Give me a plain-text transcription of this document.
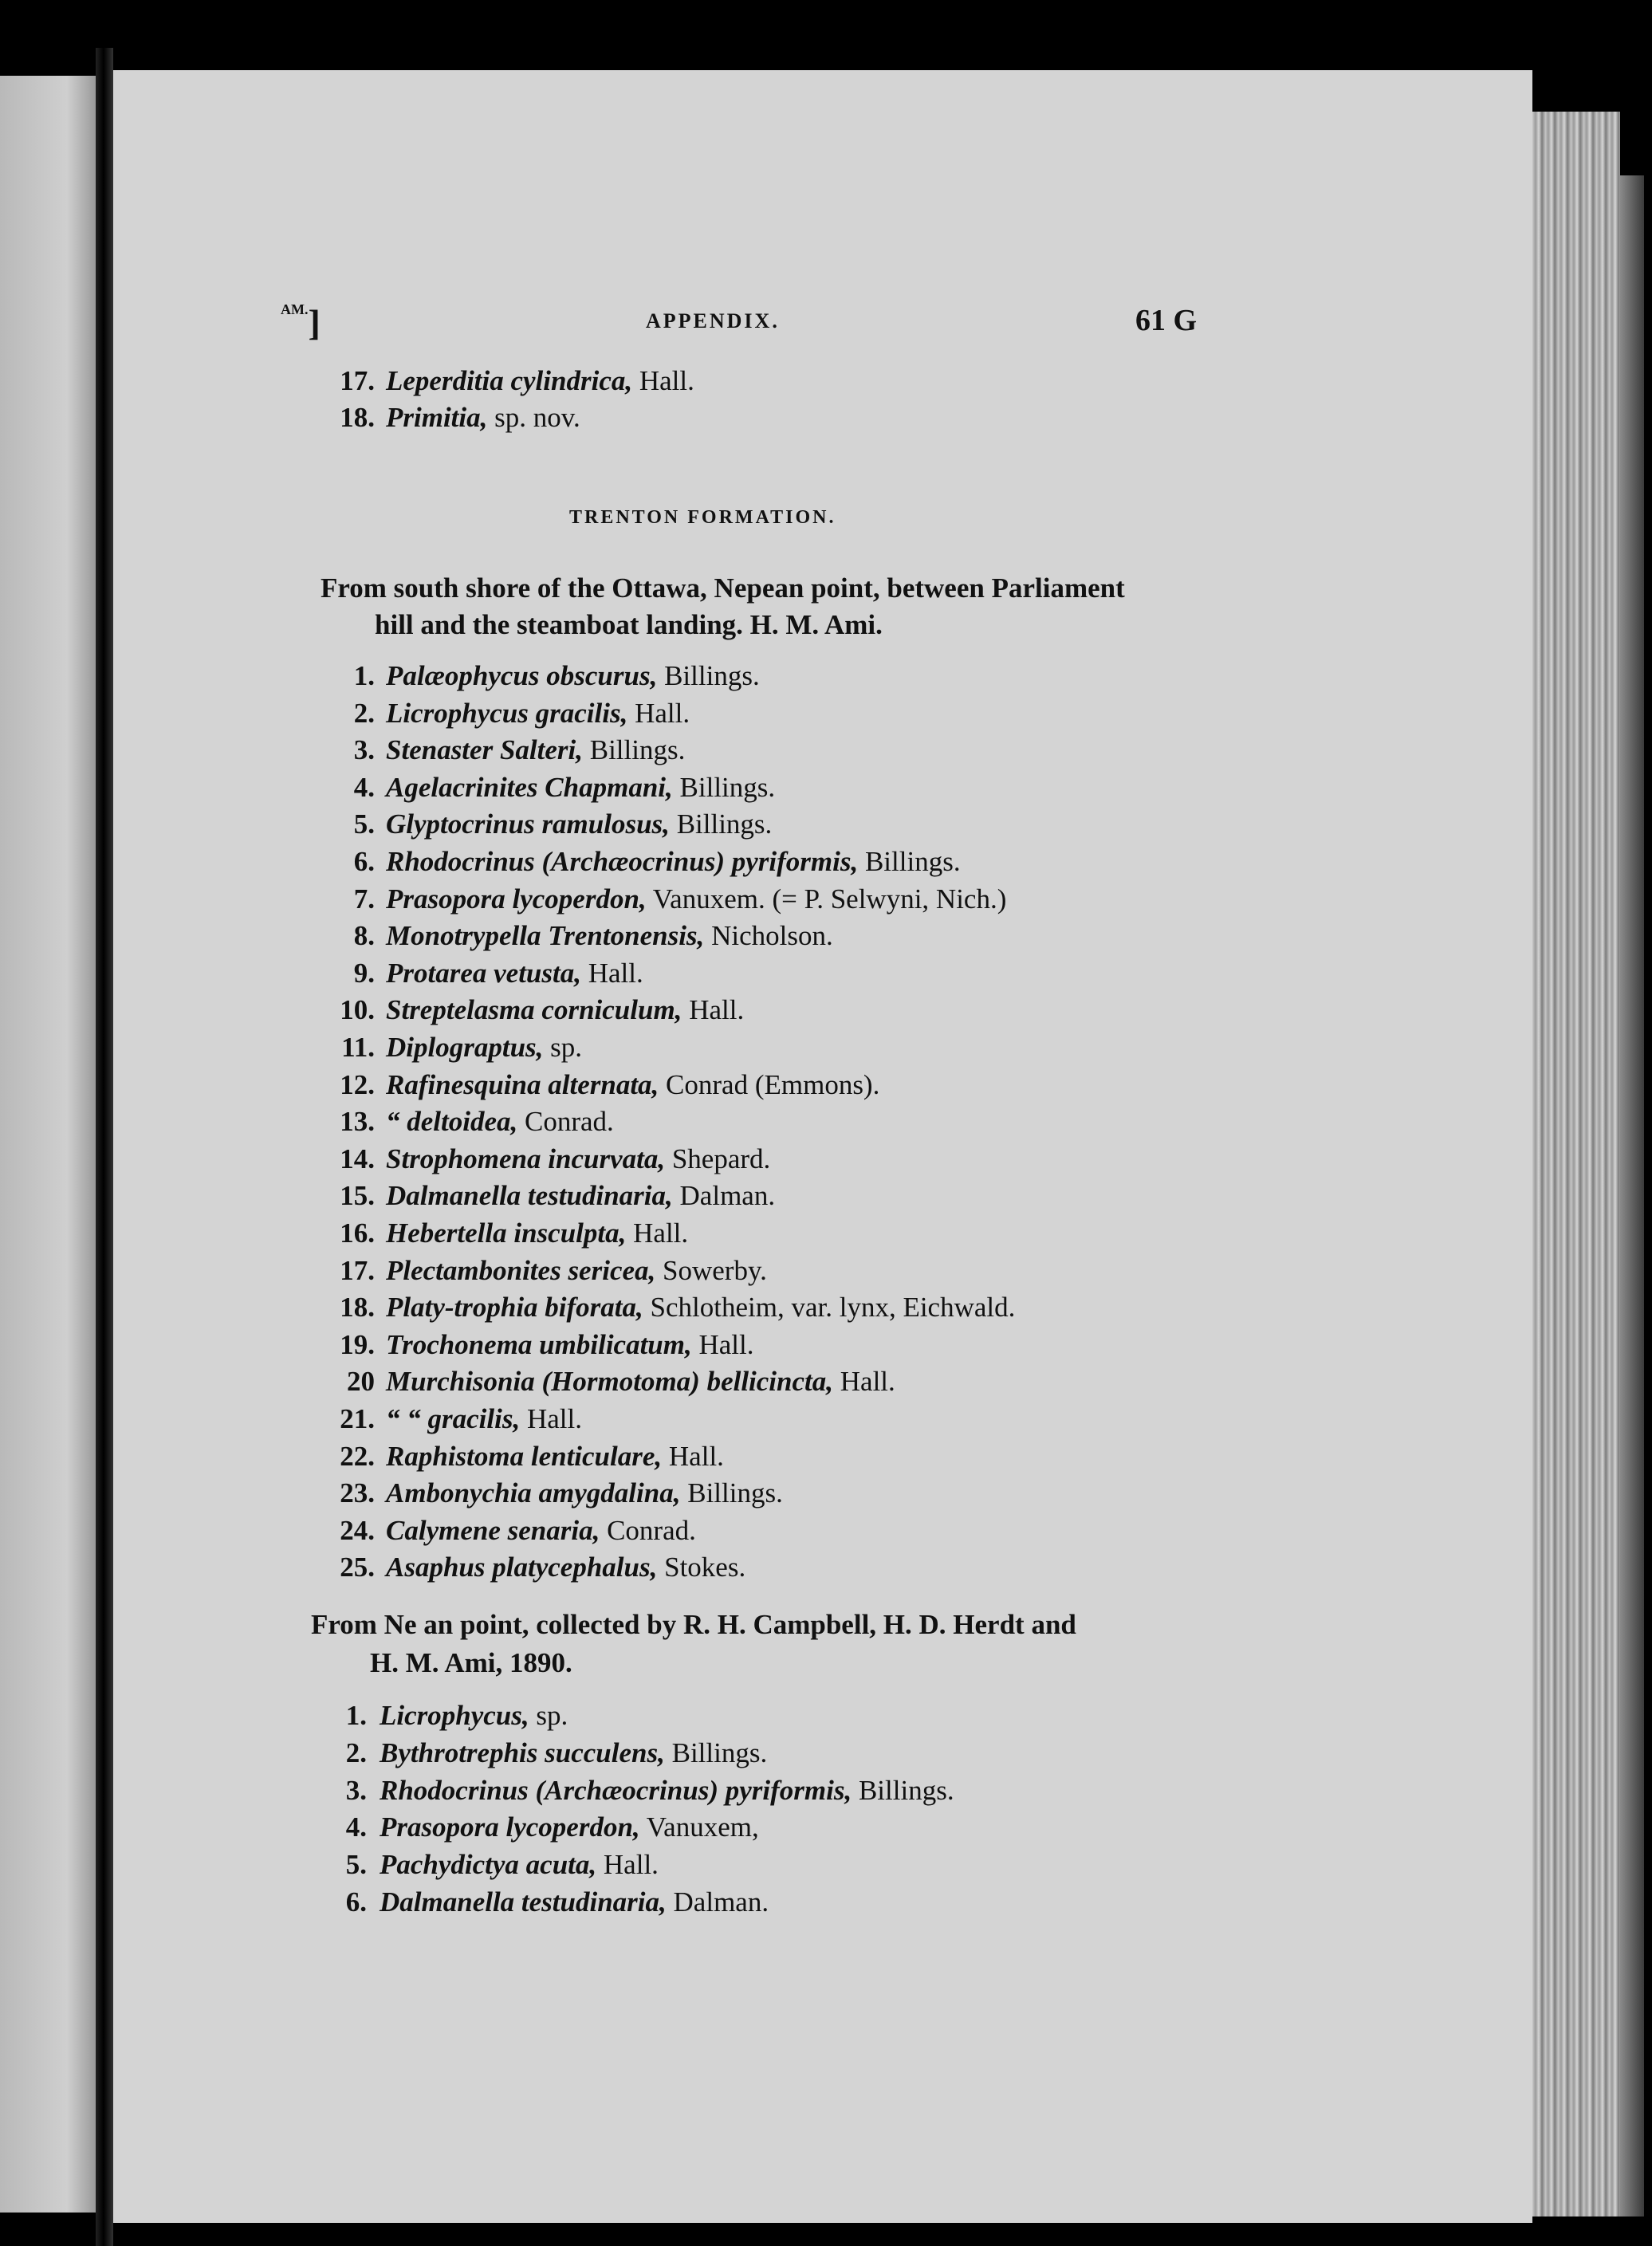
$^{AM.}$]	APPENDIX.	61 G
17. Leperditia cylindrica, Hall.
18. Primitia, sp. nov.
TRENTON FORMATION.
From south shore of the Ottawa, Nepean point, between Parliament
hill and the steamboat landing. H. M. Ami.
1. Palæophycus obscurus, Billings.
2. Licrophycus gracilis, Hall.
3. Stenaster Salteri, Billings.
4. Agelacrinites Chapmani, Billings.
5. Glyptocrinus ramulosus, Billings.
6. Rhodocrinus (Archæocrinus) pyriformis, Billings.
7. Prasopora lycoperdon, Vanuxem. (= P. Selwyni, Nich.)
8. Monotrypella Trentonensis, Nicholson.
9. Protarea vetusta, Hall.
10. Streptelasma corniculum, Hall.
11. Diplograptus, sp.
12. Rafinesquina alternata, Conrad (Emmons).
13. “ deltoidea, Conrad.
14. Strophomena incurvata, Shepard.
15. Dalmanella testudinaria, Dalman.
16. Hebertella insculpta, Hall.
17. Plectambonites sericea, Sowerby.
18. Platy-trophia biforata, Schlotheim, var. lynx, Eichwald.
19. Trochonema umbilicatum, Hall.
20 Murchisonia (Hormotoma) bellicincta, Hall.
21. “ “ gracilis, Hall.
22. Raphistoma lenticulare, Hall.
23. Ambonychia amygdalina, Billings.
24. Calymene senaria, Conrad.
25. Asaphus platycephalus, Stokes.
From Ne an point, collected by R. H. Campbell, H. D. Herdt and
H. M. Ami, 1890.
1. Licrophycus, sp.
2. Bythrotrephis succulens, Billings.
3. Rhodocrinus (Archæocrinus) pyriformis, Billings.
4. Prasopora lycoperdon, Vanuxem,
5. Pachydictya acuta, Hall.
6. Dalmanella testudinaria, Dalman.
